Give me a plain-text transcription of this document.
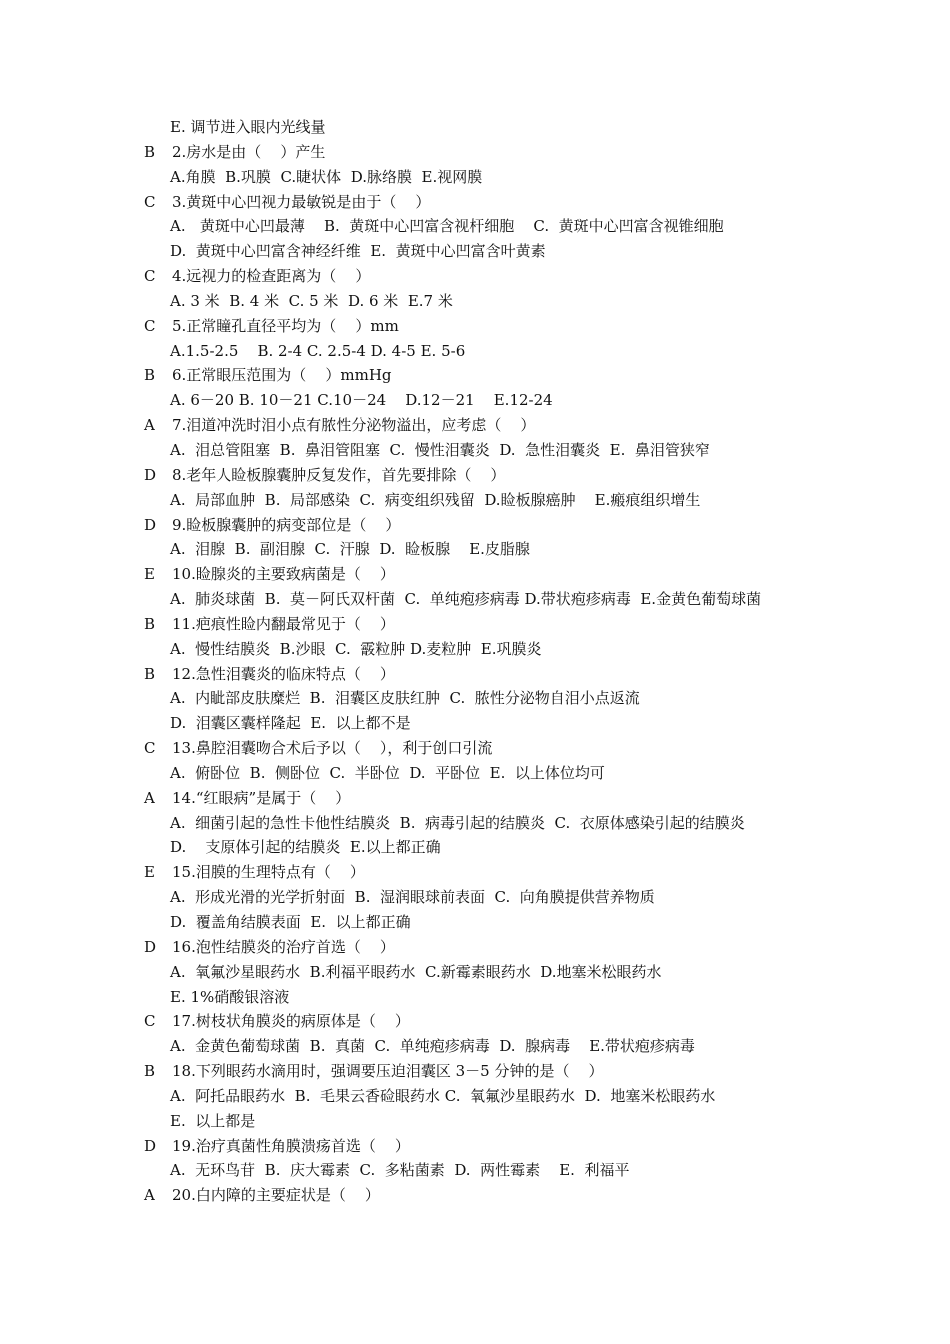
E. 调节进入眼内光线量
B 2.房水是由（    ）产生
A.角膜  B.巩膜  C.睫状体  D.脉络膜  E.视网膜
C 3.黄斑中心凹视力最敏锐是由于（    ）
A.   黄斑中心凹最薄    B.  黄斑中心凹富含视杆细胞    C.  黄斑中心凹富含视锥细胞
D.  黄斑中心凹富含神经纤维  E.  黄斑中心凹富含叶黄素
C 4.远视力的检查距离为（    ）
A. 3 米  B. 4 米  C. 5 米  D. 6 米  E.7 米
C 5.正常瞳孔直径平均为（    ）mm
A.1.5-2.5    B. 2-4 C. 2.5-4 D. 4-5 E. 5-6
B 6.正常眼压范围为（    ）mmHg
A. 6－20 B. 10－21 C.10－24    D.12－21    E.12-24
A 7.泪道冲洗时泪小点有脓性分泌物溢出，应考虑（    ）
A.  泪总管阻塞  B.  鼻泪管阻塞  C.  慢性泪囊炎  D.  急性泪囊炎  E.  鼻泪管狭窄
D 8.老年人睑板腺囊肿反复发作，首先要排除（    ）
A.  局部血肿  B.  局部感染  C.  病变组织残留  D.睑板腺癌肿    E.瘢痕组织增生
D 9.睑板腺囊肿的病变部位是（    ）
A.  泪腺  B.  副泪腺  C.  汗腺  D.  睑板腺    E.皮脂腺
E 10.睑腺炎的主要致病菌是（    ）
A.  肺炎球菌  B.  莫－阿氏双杆菌  C.  单纯疱疹病毒 D.带状疱疹病毒  E.金黄色葡萄球菌
B 11.疤痕性睑内翻最常见于（    ）
A.  慢性结膜炎  B.沙眼  C.  霰粒肿 D.麦粒肿  E.巩膜炎
B 12.急性泪囊炎的临床特点（    ）
A.  内眦部皮肤糜烂  B.  泪囊区皮肤红肿  C.  脓性分泌物自泪小点返流
D.  泪囊区囊样隆起  E.  以上都不是
C 13.鼻腔泪囊吻合术后予以（    ），利于创口引流
A.  俯卧位  B.  侧卧位  C.  半卧位  D.  平卧位  E.  以上体位均可
A 14.“红眼病”是属于（    ）
A.  细菌引起的急性卡他性结膜炎  B.  病毒引起的结膜炎  C.  衣原体感染引起的结膜炎
D.    支原体引起的结膜炎  E.以上都正确
E 15.泪膜的生理特点有（    ）
A.  形成光滑的光学折射面  B.  湿润眼球前表面  C.  向角膜提供营养物质
D.  覆盖角结膜表面  E.  以上都正确
D 16.泡性结膜炎的治疗首选（    ）
A.  氧氟沙星眼药水  B.利福平眼药水  C.新霉素眼药水  D.地塞米松眼药水
E. 1%硝酸银溶液
C 17.树枝状角膜炎的病原体是（    ）
A.  金黄色葡萄球菌  B.  真菌  C.  单纯疱疹病毒  D.  腺病毒    E.带状疱疹病毒
B 18.下列眼药水滴用时，强调要压迫泪囊区 3－5 分钟的是（    ）
A.  阿托品眼药水  B.  毛果云香硷眼药水 C.  氧氟沙星眼药水  D.  地塞米松眼药水
E.  以上都是
D 19.治疗真菌性角膜溃疡首选（    ）
A.  无环鸟苷  B.  庆大霉素  C.  多粘菌素  D.  两性霉素    E.  利福平
A 20.白内障的主要症状是（    ）
